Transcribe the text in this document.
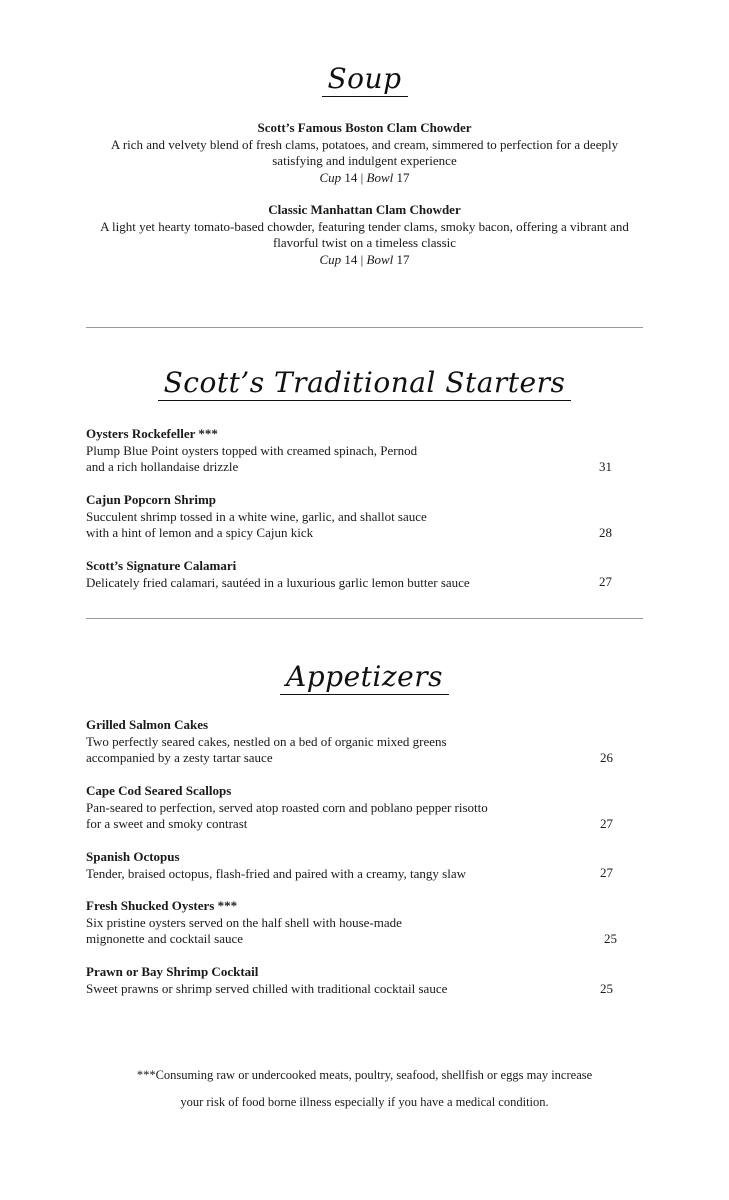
Soup
Scott’s Famous Boston Clam Chowder
A rich and velvety blend of fresh clams, potatoes, and cream, simmered to perfection for a deeply satisfying and indulgent experience
Cup 14 | Bowl 17
Classic Manhattan Clam Chowder
A light yet hearty tomato-based chowder, featuring tender clams, smoky bacon, offering a vibrant and flavorful twist on a timeless classic
Cup 14 | Bowl 17
Scott’s Traditional Starters
Oysters Rockefeller ***
Plump Blue Point oysters topped with creamed spinach, Pernod
and a rich hollandaise drizzle	31
Cajun Popcorn Shrimp
Succulent shrimp tossed in a white wine, garlic, and shallot sauce
with a hint of lemon and a spicy Cajun kick	28
Scott’s Signature Calamari
Delicately fried calamari, sautéed in a luxurious garlic lemon butter sauce	27
Appetizers
Grilled Salmon Cakes
Two perfectly seared cakes, nestled on a bed of organic mixed greens
accompanied by a zesty tartar sauce	26
Cape Cod Seared Scallops
Pan-seared to perfection, served atop roasted corn and poblano pepper risotto
for a sweet and smoky contrast	27
Spanish Octopus
Tender, braised octopus, flash-fried and paired with a creamy, tangy slaw	27
Fresh Shucked Oysters ***
Six pristine oysters served on the half shell with house-made
mignonette and cocktail sauce	25
Prawn or Bay Shrimp Cocktail
Sweet prawns or shrimp served chilled with traditional cocktail sauce	25
***Consuming raw or undercooked meats, poultry, seafood, shellfish or eggs may increase
your risk of food borne illness especially if you have a medical condition.
